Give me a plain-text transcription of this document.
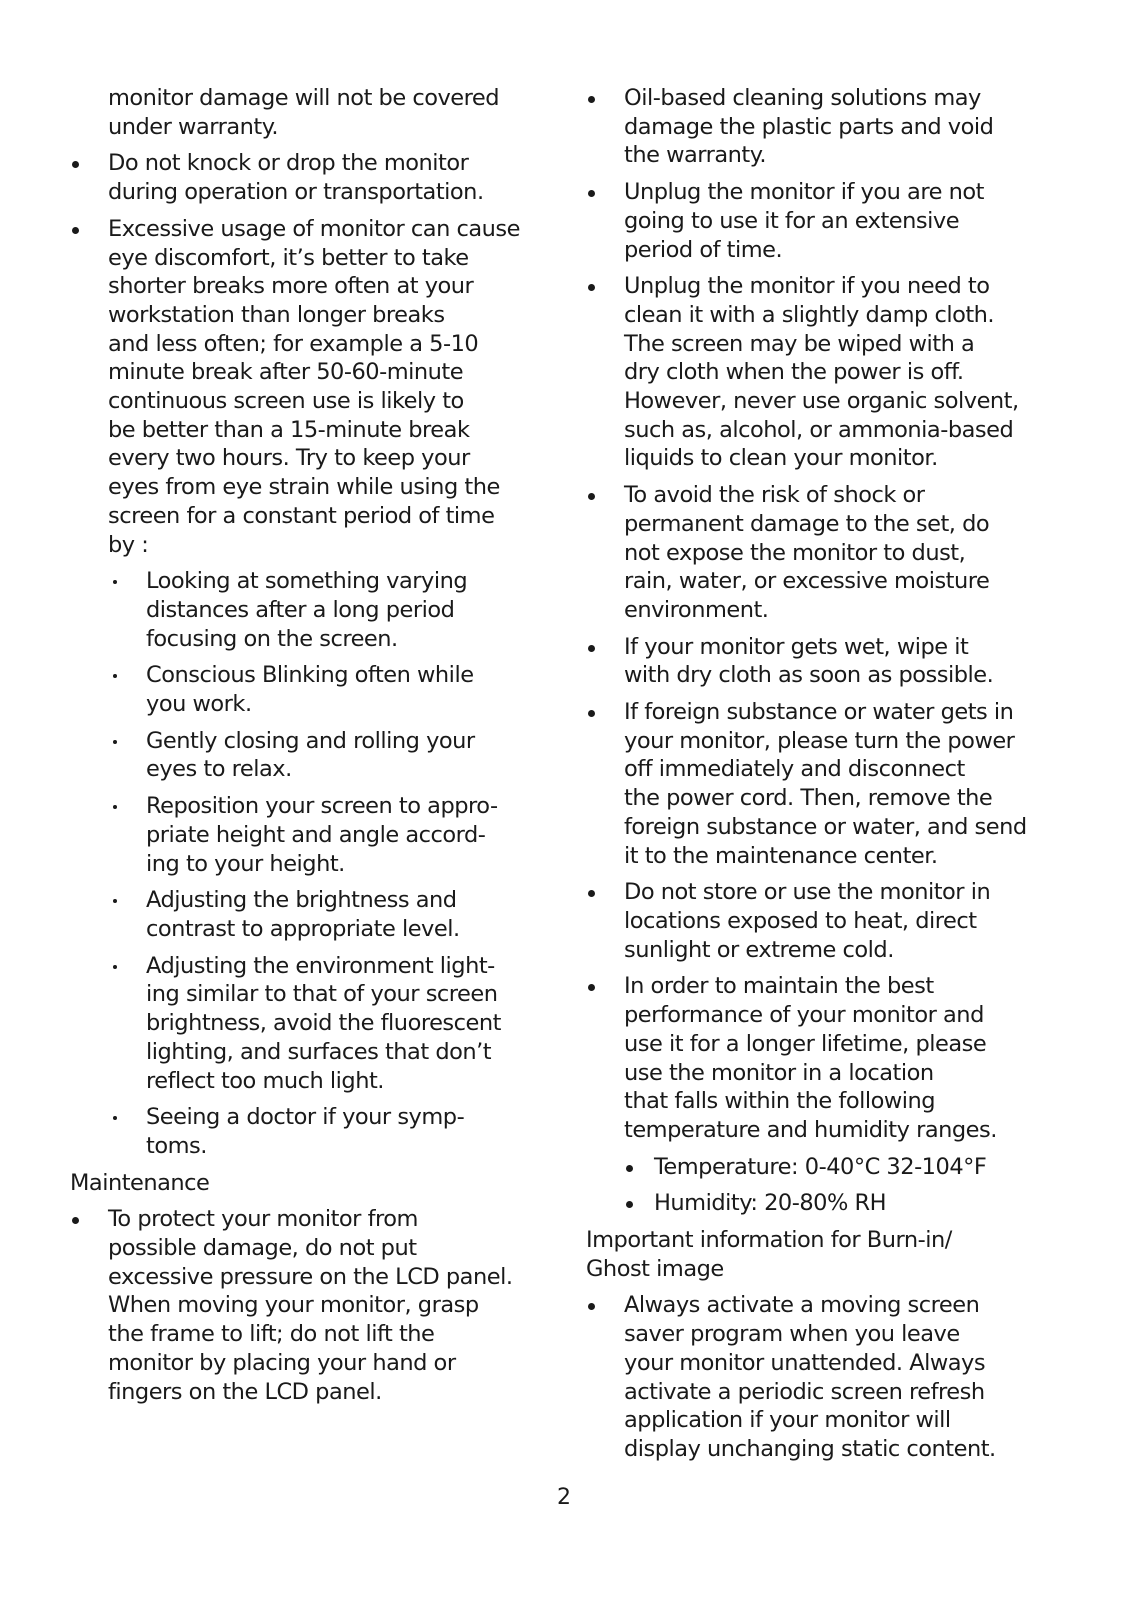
monitor damage will not be covered
under warranty.
Do not knock or drop the monitor
during operation or transportation.
Excessive usage of monitor can cause
eye discomfort, it’s better to take
shorter breaks more often at your
workstation than longer breaks
and less often; for example a 5-10
minute break after 50-60-minute
continuous screen use is likely to
be better than a 15-minute break
every two hours. Try to keep your
eyes from eye strain while using the
screen for a constant period of time
by :
Looking at something varying
distances after a long period
focusing on the screen.
Conscious Blinking often while
you work.
Gently closing and rolling your
eyes to relax.
Reposition your screen to appro-
priate height and angle accord-
ing to your height.
Adjusting the brightness and
contrast to appropriate level.
Adjusting the environment light-
ing similar to that of your screen
brightness, avoid the fluorescent
lighting, and surfaces that don’t
reflect too much light.
Seeing a doctor if your symp-
toms.
Maintenance
To protect your monitor from
possible damage, do not put
excessive pressure on the LCD panel.
When moving your monitor, grasp
the frame to lift; do not lift the
monitor by placing your hand or
fingers on the LCD panel.
Oil-based cleaning solutions may
damage the plastic parts and void
the warranty.
Unplug the monitor if you are not
going to use it for an extensive
period of time.
Unplug the monitor if you need to
clean it with a slightly damp cloth.
The screen may be wiped with a
dry cloth when the power is off.
However, never use organic solvent,
such as, alcohol, or ammonia-based
liquids to clean your monitor.
To avoid the risk of shock or
permanent damage to the set, do
not expose the monitor to dust,
rain, water, or excessive moisture
environment.
If your monitor gets wet, wipe it
with dry cloth as soon as possible.
If foreign substance or water gets in
your monitor, please turn the power
off immediately and disconnect
the power cord. Then, remove the
foreign substance or water, and send
it to the maintenance center.
Do not store or use the monitor in
locations exposed to heat, direct
sunlight or extreme cold.
In order to maintain the best
performance of your monitor and
use it for a longer lifetime, please
use the monitor in a location
that falls within the following
temperature and humidity ranges.
Temperature: 0-40°C 32-104°F
Humidity: 20-80% RH
Important information for Burn-in/
Ghost image
Always activate a moving screen
saver program when you leave
your monitor unattended. Always
activate a periodic screen refresh
application if your monitor will
display unchanging static content.
2
